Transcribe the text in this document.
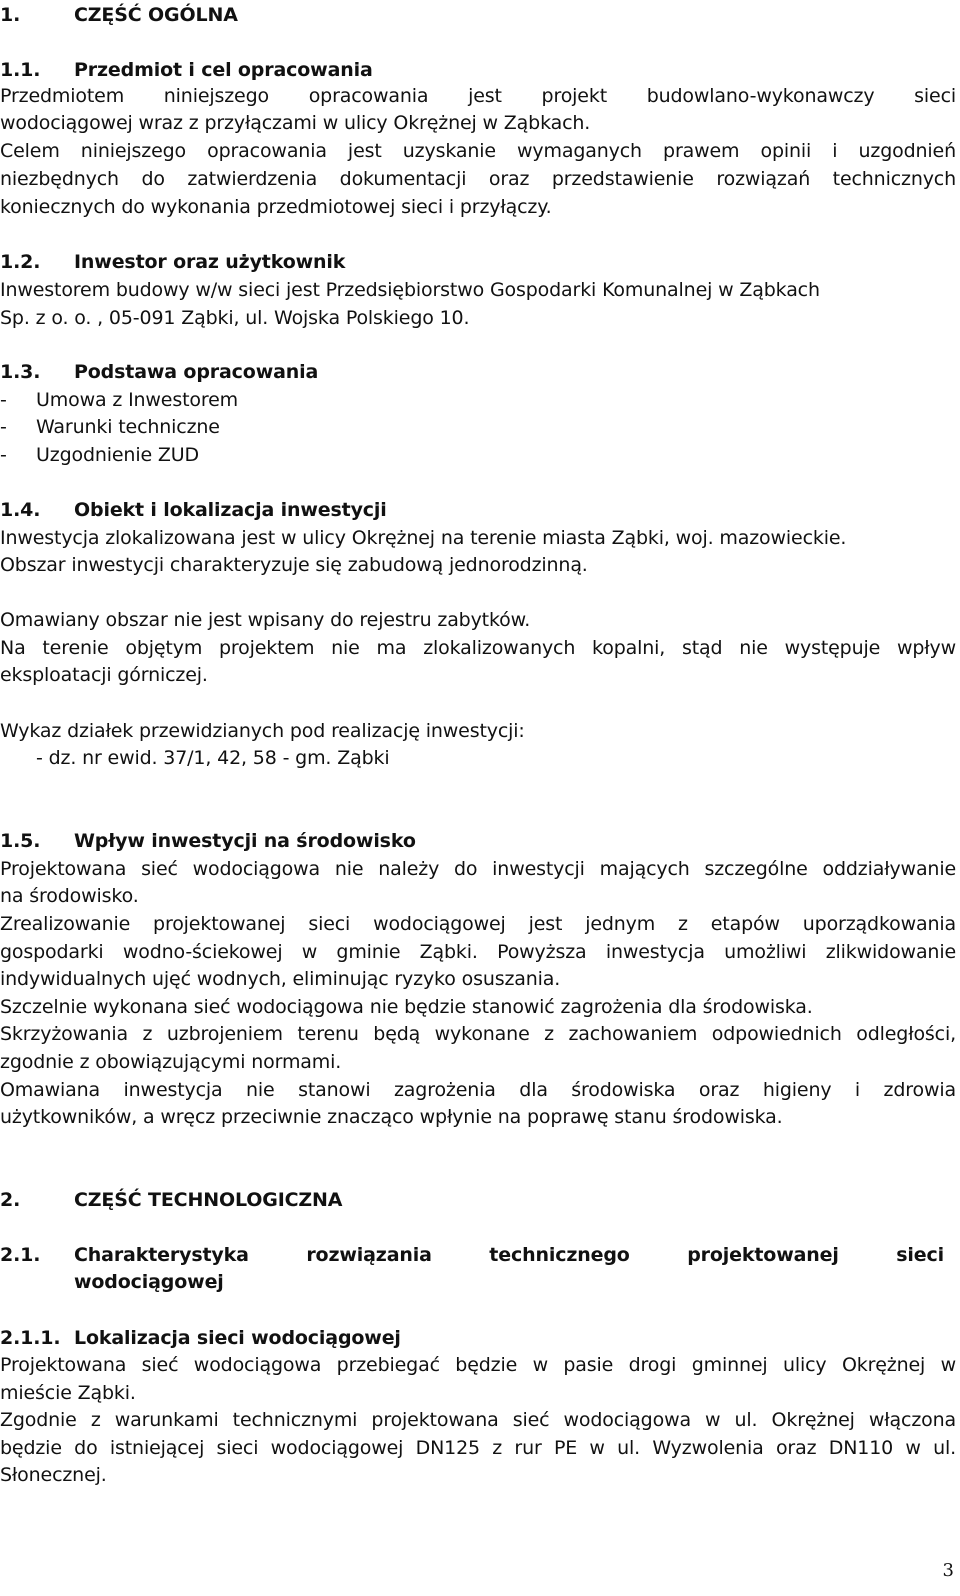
1.	CZĘŚĆ OGÓLNA
1.1. Przedmiot i cel opracowania
Przedmiotem niniejszego opracowania jest projekt budowlano-wykonawczy sieci
wodociągowej wraz z przyłączami w ulicy Okrężnej w Ząbkach.
Celem niniejszego opracowania jest uzyskanie wymaganych prawem opinii i uzgodnień
niezbędnych do zatwierdzenia dokumentacji oraz przedstawienie rozwiązań technicznych
koniecznych do wykonania przedmiotowej sieci i przyłączy.
1.2. Inwestor oraz użytkownik
Inwestorem budowy w/w sieci jest Przedsiębiorstwo Gospodarki Komunalnej w Ząbkach
Sp. z o. o. , 05-091 Ząbki, ul. Wojska Polskiego 10.
1.3. Podstawa opracowania
- Umowa z Inwestorem
- Warunki techniczne
- Uzgodnienie ZUD
1.4. Obiekt i lokalizacja inwestycji
Inwestycja zlokalizowana jest w ulicy Okrężnej na terenie miasta Ząbki, woj. mazowieckie.
Obszar inwestycji charakteryzuje się zabudową jednorodzinną.
Omawiany obszar nie jest wpisany do rejestru zabytków.
Na terenie objętym projektem nie ma zlokalizowanych kopalni, stąd nie występuje wpływ
eksploatacji górniczej.
Wykaz działek przewidzianych pod realizację inwestycji:
- dz. nr ewid. 37/1, 42, 58 - gm. Ząbki
1.5. Wpływ inwestycji na środowisko
Projektowana sieć wodociągowa nie należy do inwestycji mających szczególne oddziaływanie
na środowisko.
Zrealizowanie projektowanej sieci wodociągowej jest jednym z etapów uporządkowania
gospodarki wodno-ściekowej w gminie Ząbki. Powyższa inwestycja umożliwi zlikwidowanie
indywidualnych ujęć wodnych, eliminując ryzyko osuszania.
Szczelnie wykonana sieć wodociągowa nie będzie stanowić zagrożenia dla środowiska.
Skrzyżowania z uzbrojeniem terenu będą wykonane z zachowaniem odpowiednich odległości,
zgodnie z obowiązującymi normami.
Omawiana inwestycja nie stanowi zagrożenia dla środowiska oraz higieny i zdrowia
użytkowników, a wręcz przeciwnie znacząco wpłynie na poprawę stanu środowiska.
2.	CZĘŚĆ TECHNOLOGICZNA
2.1. Charakterystyka rozwiązania technicznego projektowanej sieci
wodociągowej
2.1.1. Lokalizacja sieci wodociągowej
Projektowana sieć wodociągowa przebiegać będzie w pasie drogi gminnej ulicy Okrężnej w
mieście Ząbki.
Zgodnie z warunkami technicznymi projektowana sieć wodociągowa w ul. Okrężnej włączona
będzie do istniejącej sieci wodociągowej DN125 z rur PE w ul. Wyzwolenia oraz DN110 w ul.
Słonecznej.
3
